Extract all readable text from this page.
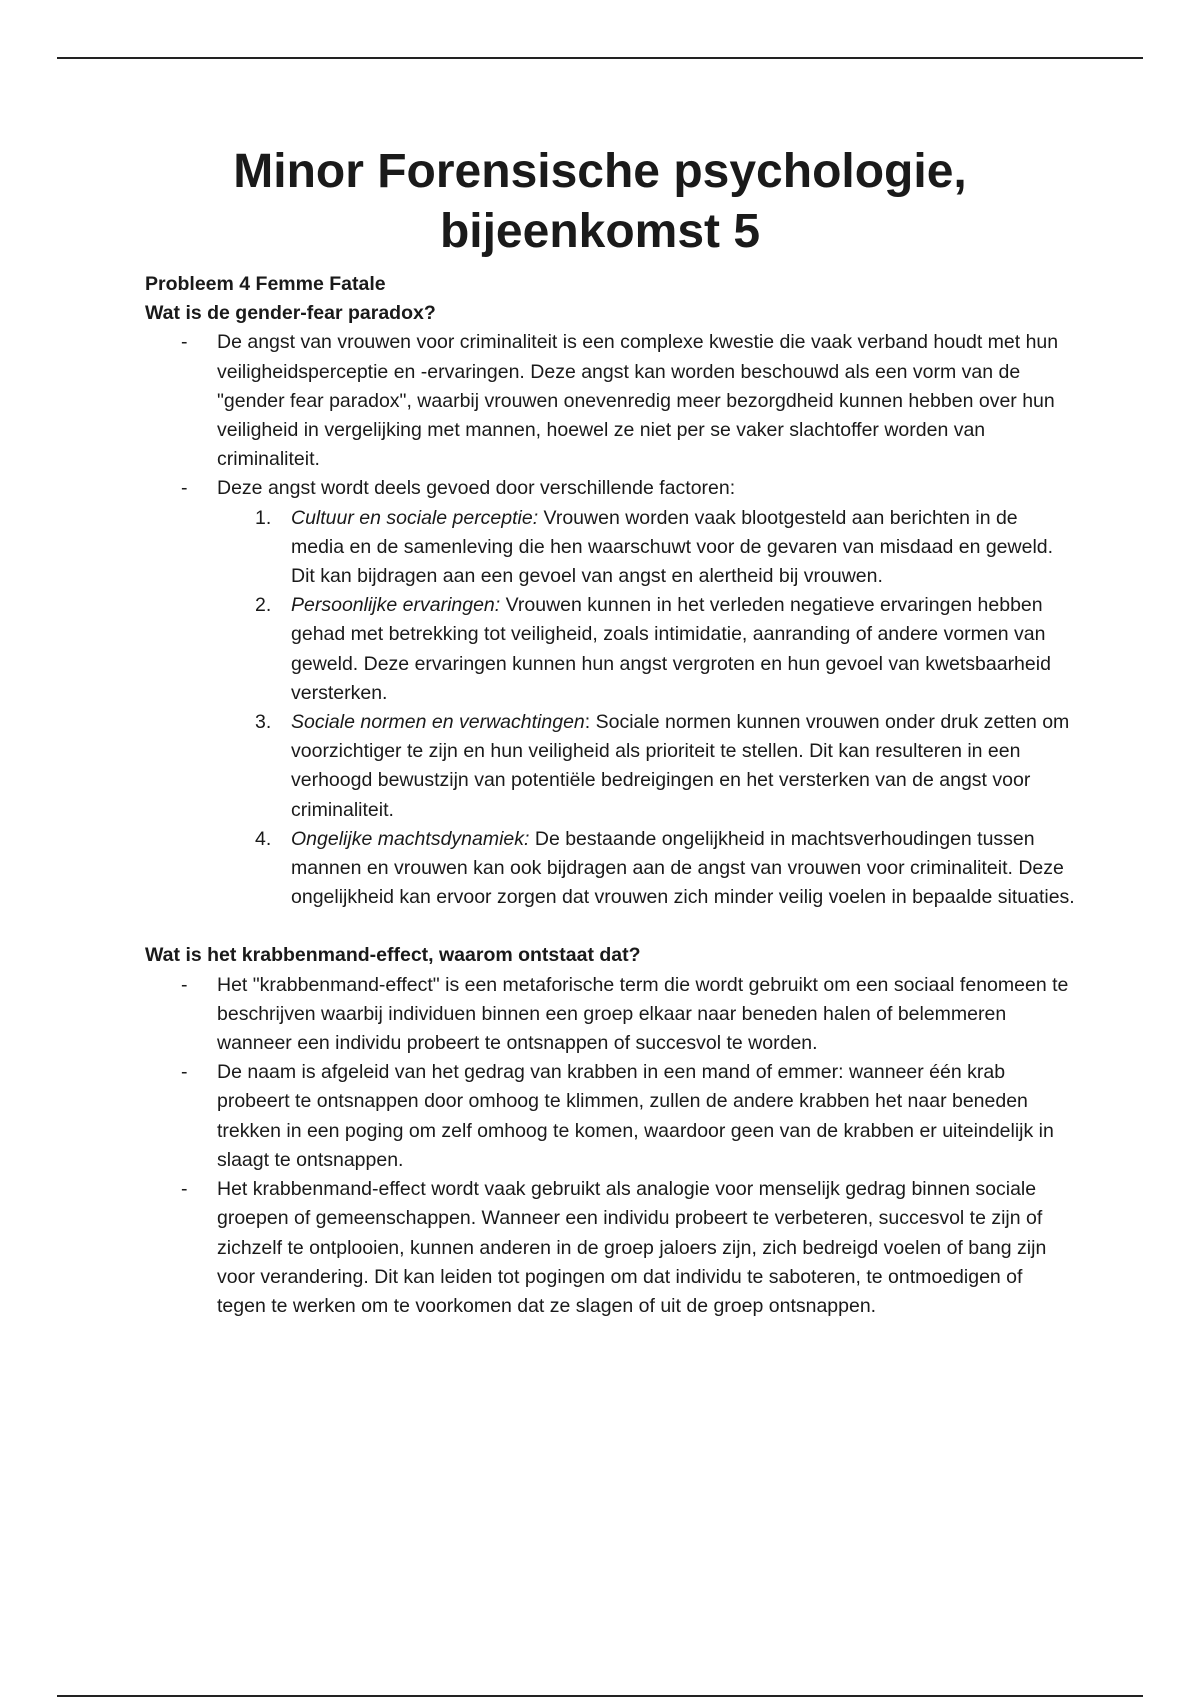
Minor Forensische psychologie,
bijeenkomst 5

Probleem 4 Femme Fatale

Wat is de gender-fear paradox?

- De angst van vrouwen voor criminaliteit is een complexe kwestie die vaak verband houdt met hun veiligheidsperceptie en -ervaringen. Deze angst kan worden beschouwd als een vorm van de "gender fear paradox", waarbij vrouwen onevenredig meer bezorgdheid kunnen hebben over hun veiligheid in vergelijking met mannen, hoewel ze niet per se vaker slachtoffer worden van criminaliteit.
- Deze angst wordt deels gevoed door verschillende factoren:
1. Cultuur en sociale perceptie: Vrouwen worden vaak blootgesteld aan berichten in de media en de samenleving die hen waarschuwt voor de gevaren van misdaad en geweld. Dit kan bijdragen aan een gevoel van angst en alertheid bij vrouwen.
2. Persoonlijke ervaringen: Vrouwen kunnen in het verleden negatieve ervaringen hebben gehad met betrekking tot veiligheid, zoals intimidatie, aanranding of andere vormen van geweld. Deze ervaringen kunnen hun angst vergroten en hun gevoel van kwetsbaarheid versterken.
3. Sociale normen en verwachtingen: Sociale normen kunnen vrouwen onder druk zetten om voorzichtiger te zijn en hun veiligheid als prioriteit te stellen. Dit kan resulteren in een verhoogd bewustzijn van potentiële bedreigingen en het versterken van de angst voor criminaliteit.
4. Ongelijke machtsdynamiek: De bestaande ongelijkheid in machtsverhoudingen tussen mannen en vrouwen kan ook bijdragen aan de angst van vrouwen voor criminaliteit. Deze ongelijkheid kan ervoor zorgen dat vrouwen zich minder veilig voelen in bepaalde situaties.

Wat is het krabbenmand-effect, waarom ontstaat dat?

- Het "krabbenmand-effect" is een metaforische term die wordt gebruikt om een sociaal fenomeen te beschrijven waarbij individuen binnen een groep elkaar naar beneden halen of belemmeren wanneer een individu probeert te ontsnappen of succesvol te worden.
- De naam is afgeleid van het gedrag van krabben in een mand of emmer: wanneer één krab probeert te ontsnappen door omhoog te klimmen, zullen de andere krabben het naar beneden trekken in een poging om zelf omhoog te komen, waardoor geen van de krabben er uiteindelijk in slaagt te ontsnappen.
- Het krabbenmand-effect wordt vaak gebruikt als analogie voor menselijk gedrag binnen sociale groepen of gemeenschappen. Wanneer een individu probeert te verbeteren, succesvol te zijn of zichzelf te ontplooien, kunnen anderen in de groep jaloers zijn, zich bedreigd voelen of bang zijn voor verandering. Dit kan leiden tot pogingen om dat individu te saboteren, te ontmoedigen of tegen te werken om te voorkomen dat ze slagen of uit de groep ontsnappen.
